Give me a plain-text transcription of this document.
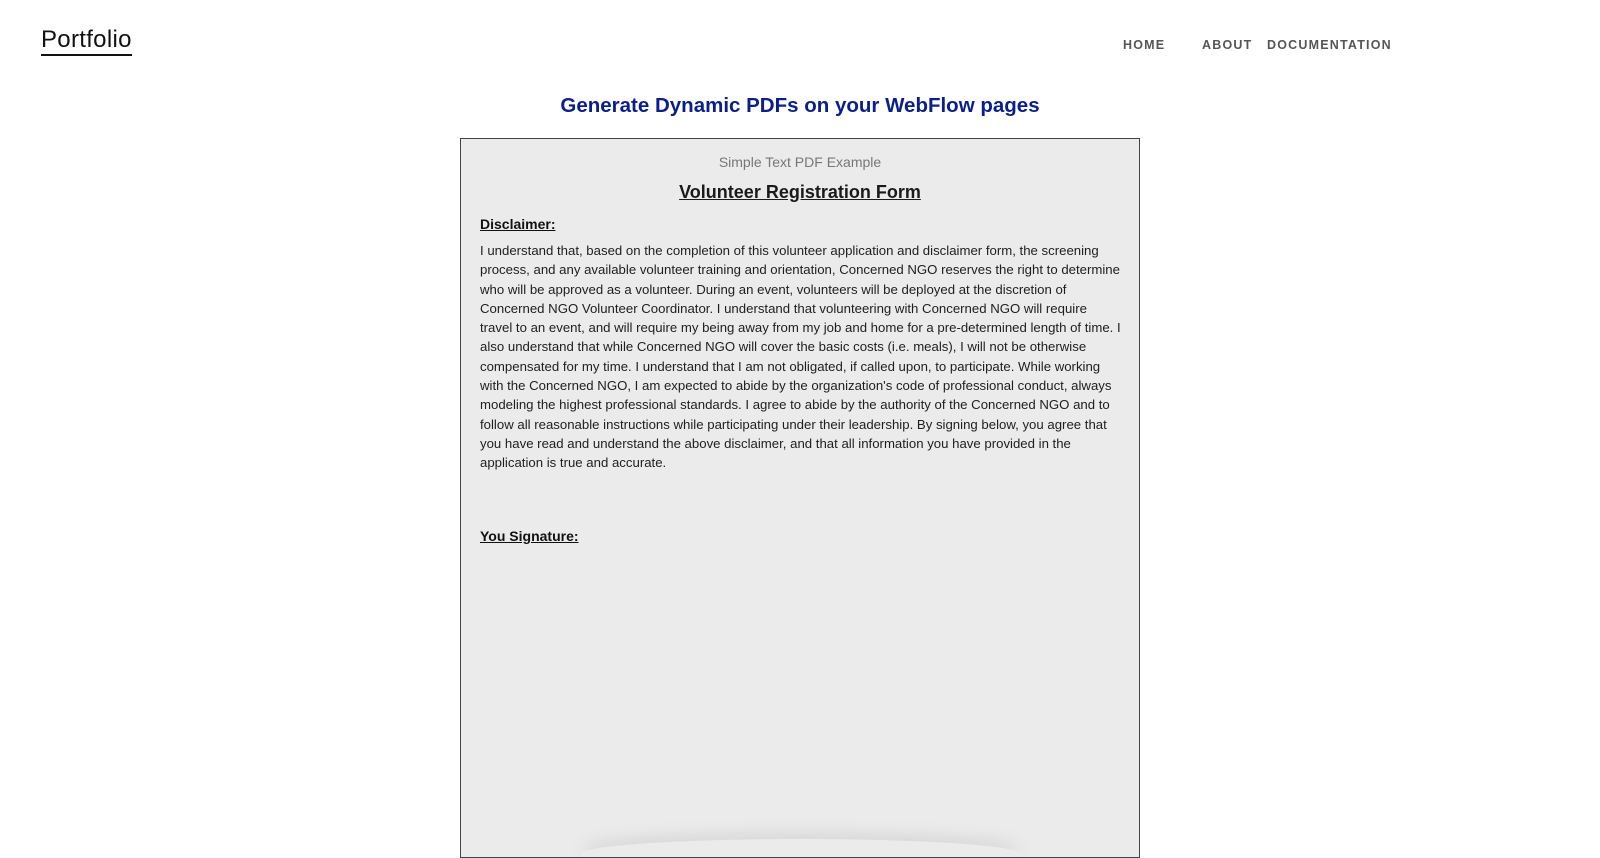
Portfolio	HOME	ABOUT DOCUMENTATION
Generate Dynamic PDFs on your WebFlow pages
Simple Text PDF Example
Volunteer Registration Form
Disclaimer:

I understand that, based on the completion of this volunteer application and disclaimer form, the screening process, and any available volunteer training and orientation, Concerned NGO reserves the right to determine who will be approved as a volunteer. During an event, volunteers will be deployed at the discretion of Concerned NGO Volunteer Coordinator. I understand that volunteering with Concerned NGO will require travel to an event, and will require my being away from my job and home for a pre-determined length of time. I also understand that while Concerned NGO will cover the basic costs (i.e. meals), I will not be otherwise compensated for my time. I understand that I am not obligated, if called upon, to participate. While working with the Concerned NGO, I am expected to abide by the organization's code of professional conduct, always modeling the highest professional standards. I agree to abide by the authority of the Concerned NGO and to follow all reasonable instructions while participating under their leadership. By signing below, you agree that you have read and understand the above disclaimer, and that all information you have provided in the application is true and accurate.

You Signature:
